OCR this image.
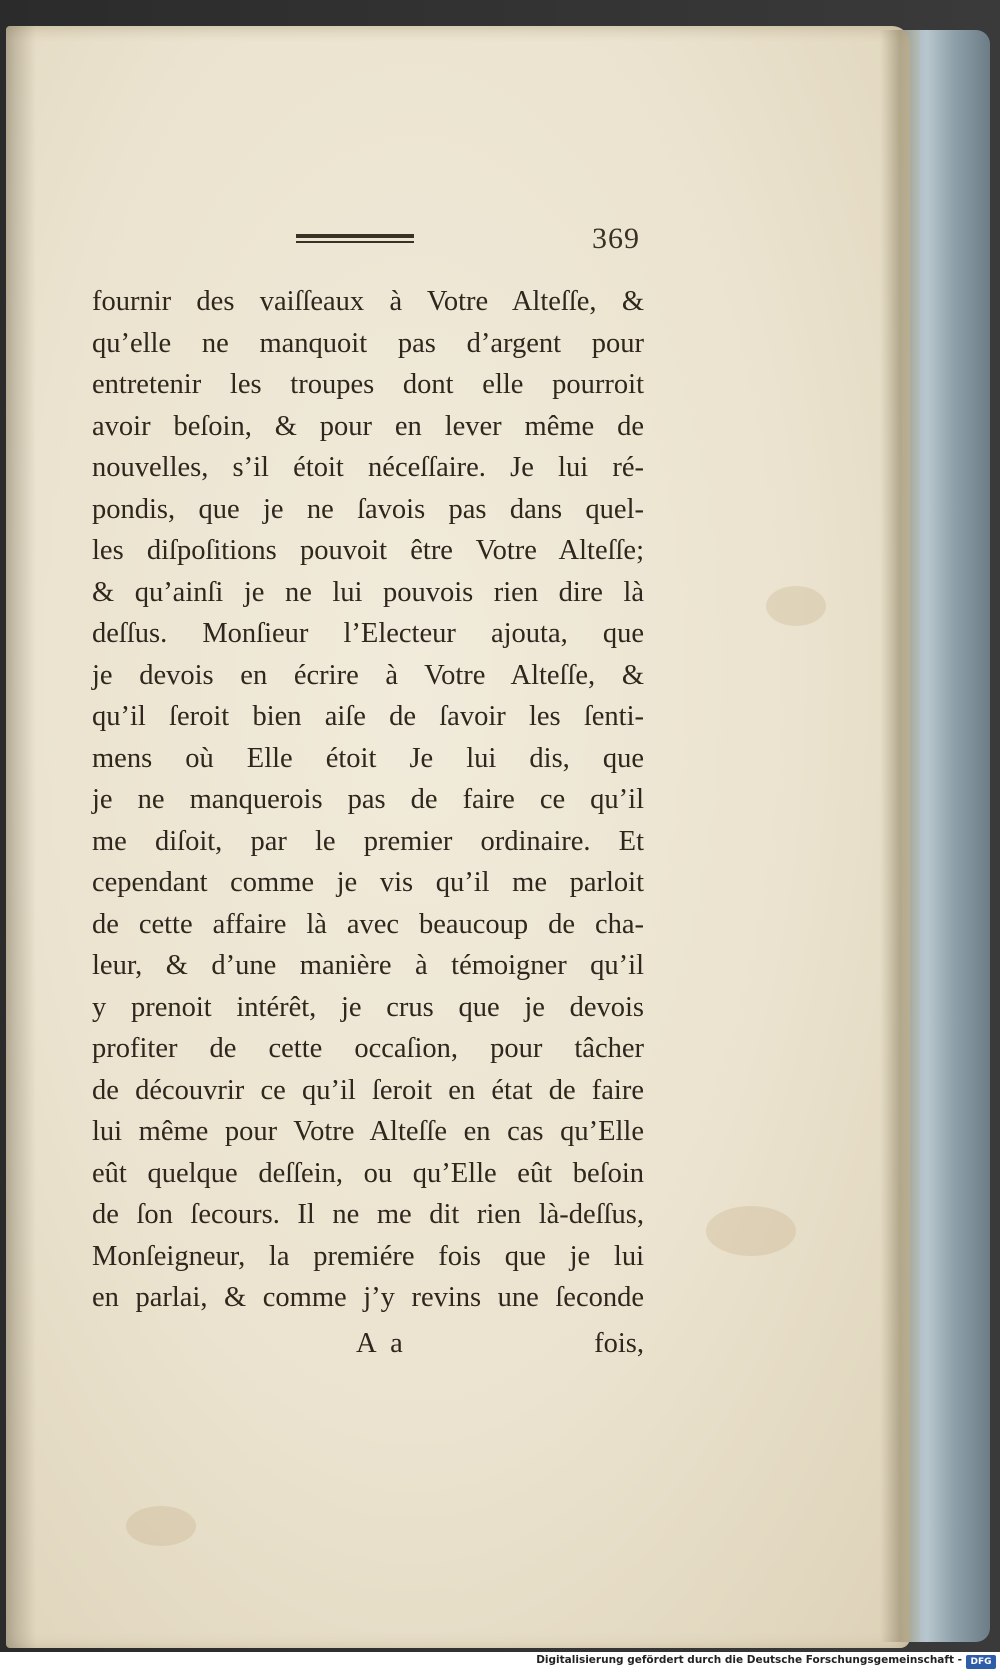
369

fournir des vaiſſeaux à Votre Alteſſe, &
qu’elle ne manquoit pas d’argent pour
entretenir les troupes dont elle pourroit
avoir beſoin, & pour en lever même de
nouvelles, s’il étoit néceſſaire. Je lui ré-
pondis, que je ne ſavois pas dans quel-
les diſpoſitions pouvoit être Votre Alteſſe;
& qu’ainſi je ne lui pouvois rien dire là
deſſus. Monſieur l’Electeur ajouta, que
je devois en écrire à Votre Alteſſe, &
qu’il ſeroit bien aiſe de ſavoir les ſenti-
mens où Elle étoit Je lui dis, que
je ne manquerois pas de faire ce qu’il
me diſoit, par le premier ordinaire. Et
cependant comme je vis qu’il me parloit
de cette affaire là avec beaucoup de cha-
leur, & d’une manière à témoigner qu’il
y prenoit intérêt, je crus que je devois
profiter de cette occaſion, pour tâcher
de découvrir ce qu’il ſeroit en état de faire
lui même pour Votre Alteſſe en cas qu’Elle
eût quelque deſſein, ou qu’Elle eût beſoin
de ſon ſecours. Il ne me dit rien là-deſſus,
Monſeigneur, la premiére fois que je lui
en parlai, & comme j’y revins une ſeconde
A a	fois,
Digitalisierung gefördert durch die Deutsche Forschungsgemeinschaft - DFG
